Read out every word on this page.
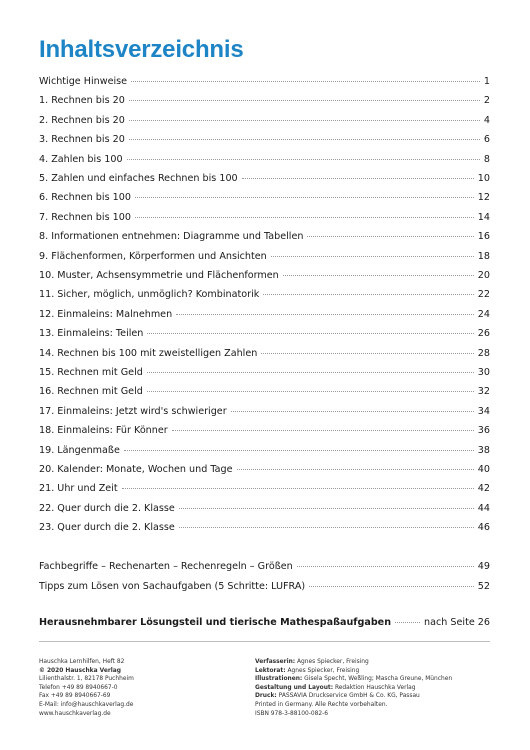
Inhaltsverzeichnis
Wichtige Hinweise	1
1. Rechnen bis 20	2
2. Rechnen bis 20	4
3. Rechnen bis 20	6
4. Zahlen bis 100	8
5. Zahlen und einfaches Rechnen bis 100	10
6. Rechnen bis 100	12
7. Rechnen bis 100	14
8. Informationen entnehmen: Diagramme und Tabellen	16
9. Flächenformen, Körperformen und Ansichten	18
10. Muster, Achsensymmetrie und Flächenformen	20
11. Sicher, möglich, unmöglich? Kombinatorik	22
12. Einmaleins: Malnehmen	24
13. Einmaleins: Teilen	26
14. Rechnen bis 100 mit zweistelligen Zahlen	28
15. Rechnen mit Geld	30
16. Rechnen mit Geld	32
17. Einmaleins: Jetzt wird's schwieriger	34
18. Einmaleins: Für Könner	36
19. Längenmaße	38
20. Kalender: Monate, Wochen und Tage	40
21. Uhr und Zeit	42
22. Quer durch die 2. Klasse	44
23. Quer durch die 2. Klasse	46
Fachbegriffe – Rechenarten – Rechenregeln – Größen	49
Tipps zum Lösen von Sachaufgaben (5 Schritte: LUFRA)	52
Herausnehmbarer Lösungsteil und tierische Mathespaßaufgaben	nach Seite 26
Hauschka Lernhilfen, Heft 82
© 2020 Hauschka Verlag
Lilienthalstr. 1, 82178 Puchheim
Telefon +49 89 8940667-0
Fax +49 89 8940667-69
E-Mail: info@hauschkaverlag.de
www.hauschkaverlag.de
Verfasserin: Agnes Spiecker, Freising
Lektorat: Agnes Spiecker, Freising
Illustrationen: Gisela Specht, Weßling; Mascha Greune, München
Gestaltung und Layout: Redaktion Hauschka Verlag
Druck: PASSAVIA Druckservice GmbH & Co. KG, Passau
Printed in Germany. Alle Rechte vorbehalten.
ISBN 978-3-88100-082-6
